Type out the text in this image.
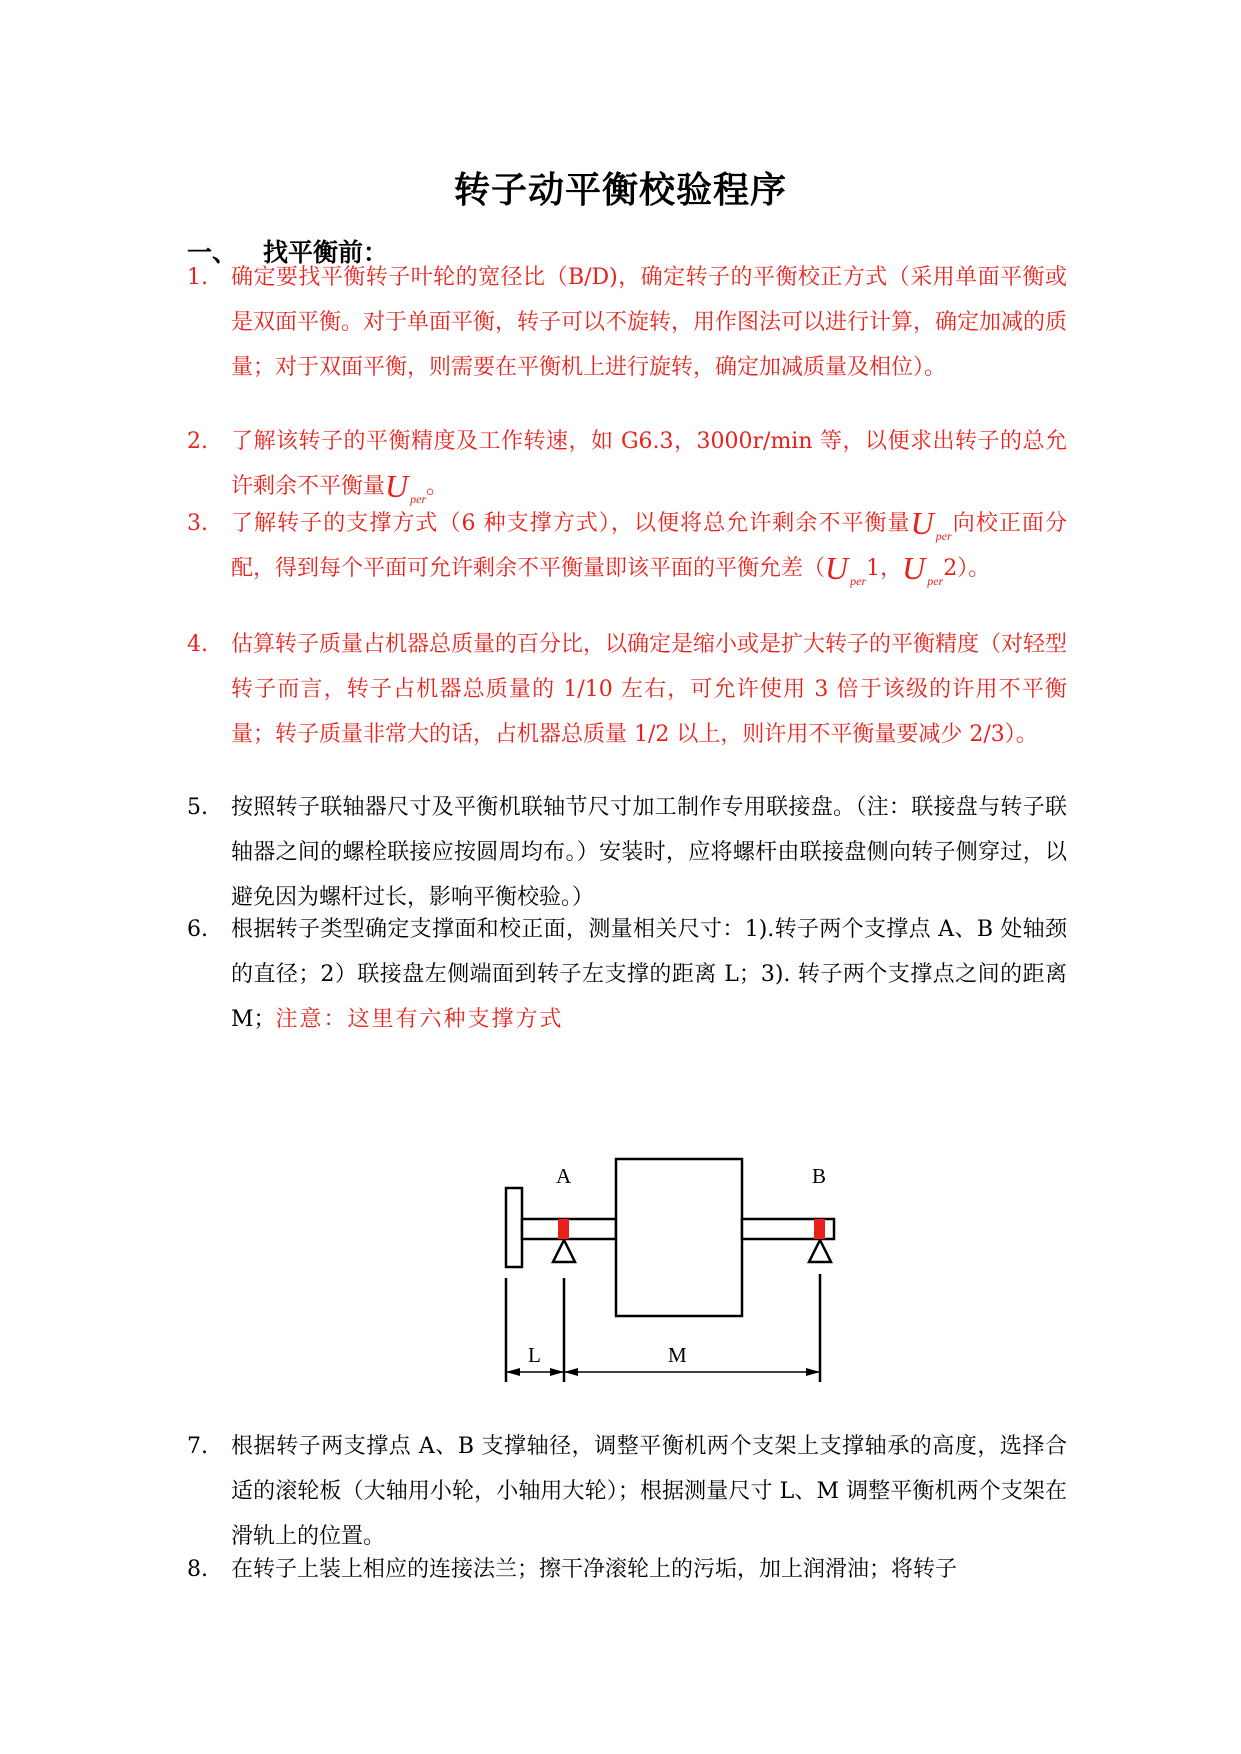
转子动平衡校验程序
一、 找平衡前：
1.	确定要找平衡转子叶轮的宽径比（B/D)，确定转子的平衡校正方式（采用单面平衡或是双面平衡。对于单面平衡，转子可以不旋转，用作图法可以进行计算，确定加减的质量；对于双面平衡，则需要在平衡机上进行旋转，确定加减质量及相位）。
2.	了解该转子的平衡精度及工作转速，如 G6.3，3000r/min 等，以便求出转子的总允许剩余不平衡量U $_{per}$。
3.	了解转子的支撑方式（6 种支撑方式），以便将总允许剩余不平衡量U $_{per}$向校正面分配，得到每个平面可允许剩余不平衡量即该平面的平衡允差（U $_{per}$1，U $_{per}$2）。
4.	估算转子质量占机器总质量的百分比，以确定是缩小或是扩大转子的平衡精度（对轻型转子而言，转子占机器总质量的 1/10 左右，可允许使用 3 倍于该级的许用不平衡量；转子质量非常大的话，占机器总质量 1/2 以上，则许用不平衡量要减少 2/3）。
5.	按照转子联轴器尺寸及平衡机联轴节尺寸加工制作专用联接盘。（注：联接盘与转子联轴器之间的螺栓联接应按圆周均布。）安装时，应将螺杆由联接盘侧向转子侧穿过，以避免因为螺杆过长，影响平衡校验。）
6.	根据转子类型确定支撑面和校正面，测量相关尺寸：1).转子两个支撑点 A、B 处轴颈的直径；2）联接盘左侧端面到转子左支撑的距离 L；3). 转子两个支撑点之间的距离 M；注意：这里有六种支撑方式
A	B
L	M
7.	根据转子两支撑点 A、B 支撑轴径，调整平衡机两个支架上支撑轴承的高度，选择合适的滚轮板（大轴用小轮，小轴用大轮）；根据测量尺寸 L、M 调整平衡机两个支架在滑轨上的位置。
8.	在转子上装上相应的连接法兰；擦干净滚轮上的污垢，加上润滑油；将转子
